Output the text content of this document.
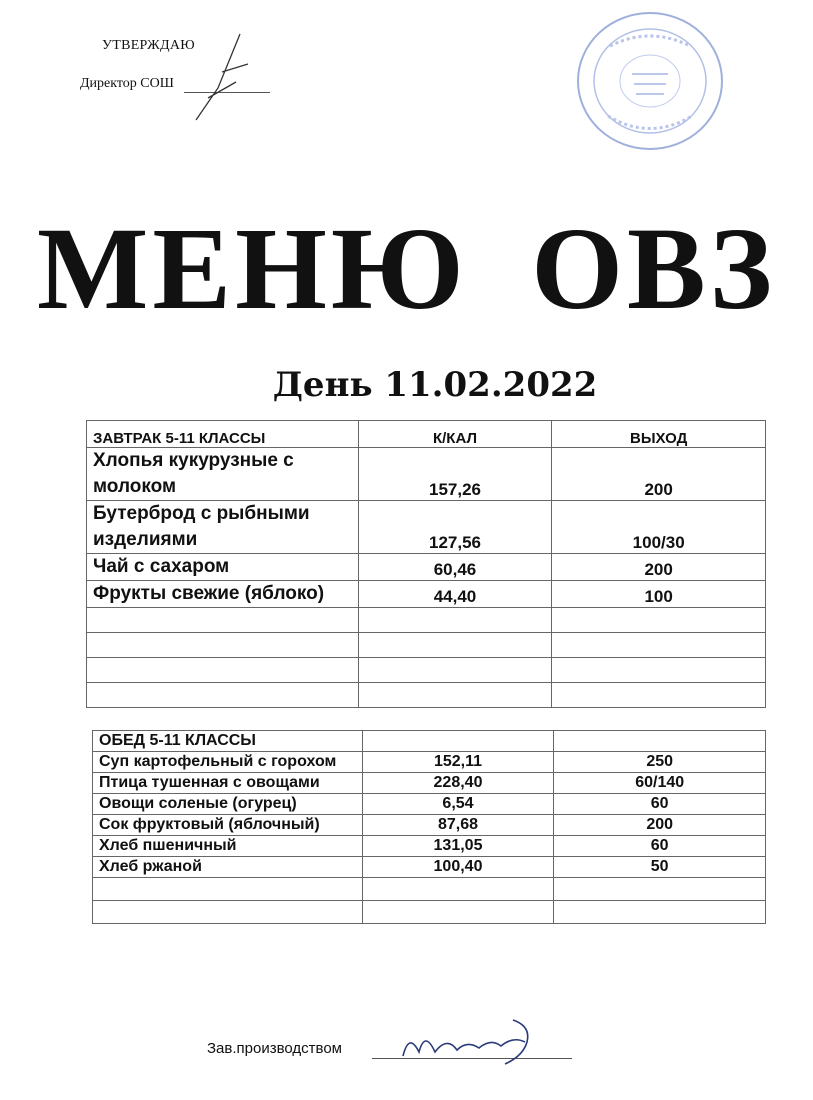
УТВЕРЖДАЮ
Директор СОШ
МЕНЮ ОВЗ
День 11.02.2022
ЗАВТРАК 5-11 КЛАССЫ	К/КАЛ	ВЫХОД
Хлопья кукурузные с молоком	157,26	200
Бутерброд с рыбными изделиями	127,56	100/30
Чай с сахаром	60,46	200
Фрукты свежие (яблоко)	44,40	100

ОБЕД 5-11 КЛАССЫ		
Суп картофельный с горохом	152,11	250
Птица тушенная с овощами	228,40	60/140
Овощи соленые (огурец)	6,54	60
Сок фруктовый (яблочный)	87,68	200
Хлеб пшеничный	131,05	60
Хлеб ржаной	100,40	50

Зав.производством
